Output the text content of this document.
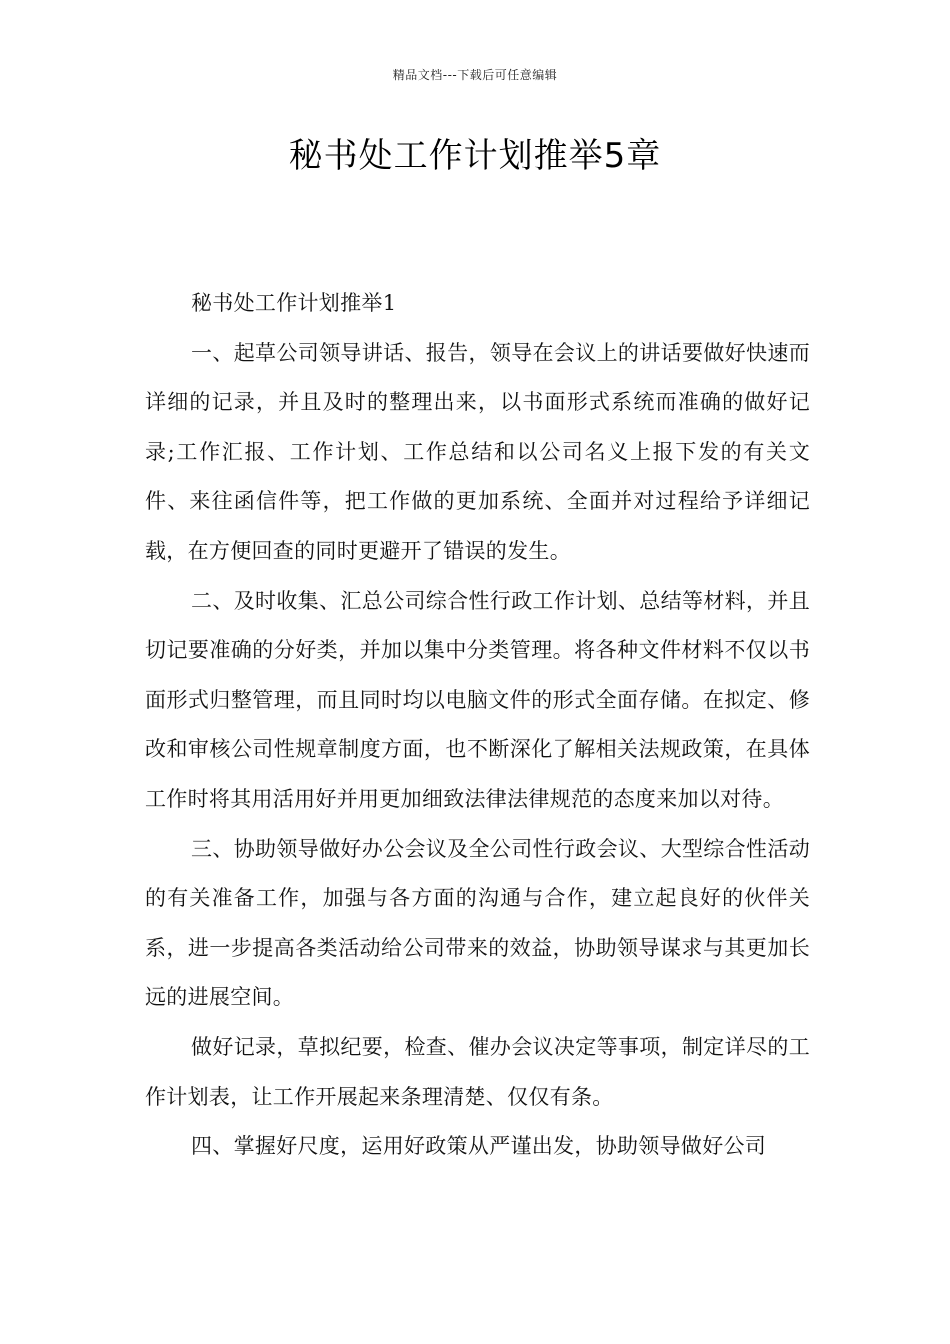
精品文档---下载后可任意编辑
秘书处工作计划推举5章

秘书处工作计划推举1

一、起草公司领导讲话、报告，领导在会议上的讲话要做好快速而详细的记录，并且及时的整理出来，以书面形式系统而准确的做好记录;工作汇报、工作计划、工作总结和以公司名义上报下发的有关文件、来往函信件等，把工作做的更加系统、全面并对过程给予详细记载，在方便回查的同时更避开了错误的发生。

二、及时收集、汇总公司综合性行政工作计划、总结等材料，并且切记要准确的分好类，并加以集中分类管理。将各种文件材料不仅以书面形式归整管理，而且同时均以电脑文件的形式全面存储。在拟定、修改和审核公司性规章制度方面，也不断深化了解相关法规政策，在具体工作时将其用活用好并用更加细致法律法律规范的态度来加以对待。

三、协助领导做好办公会议及全公司性行政会议、大型综合性活动的有关准备工作，加强与各方面的沟通与合作，建立起良好的伙伴关系，进一步提高各类活动给公司带来的效益，协助领导谋求与其更加长远的进展空间。

做好记录，草拟纪要，检查、催办会议决定等事项，制定详尽的工作计划表，让工作开展起来条理清楚、仅仅有条。

四、掌握好尺度，运用好政策从严谨出发，协助领导做好公司
